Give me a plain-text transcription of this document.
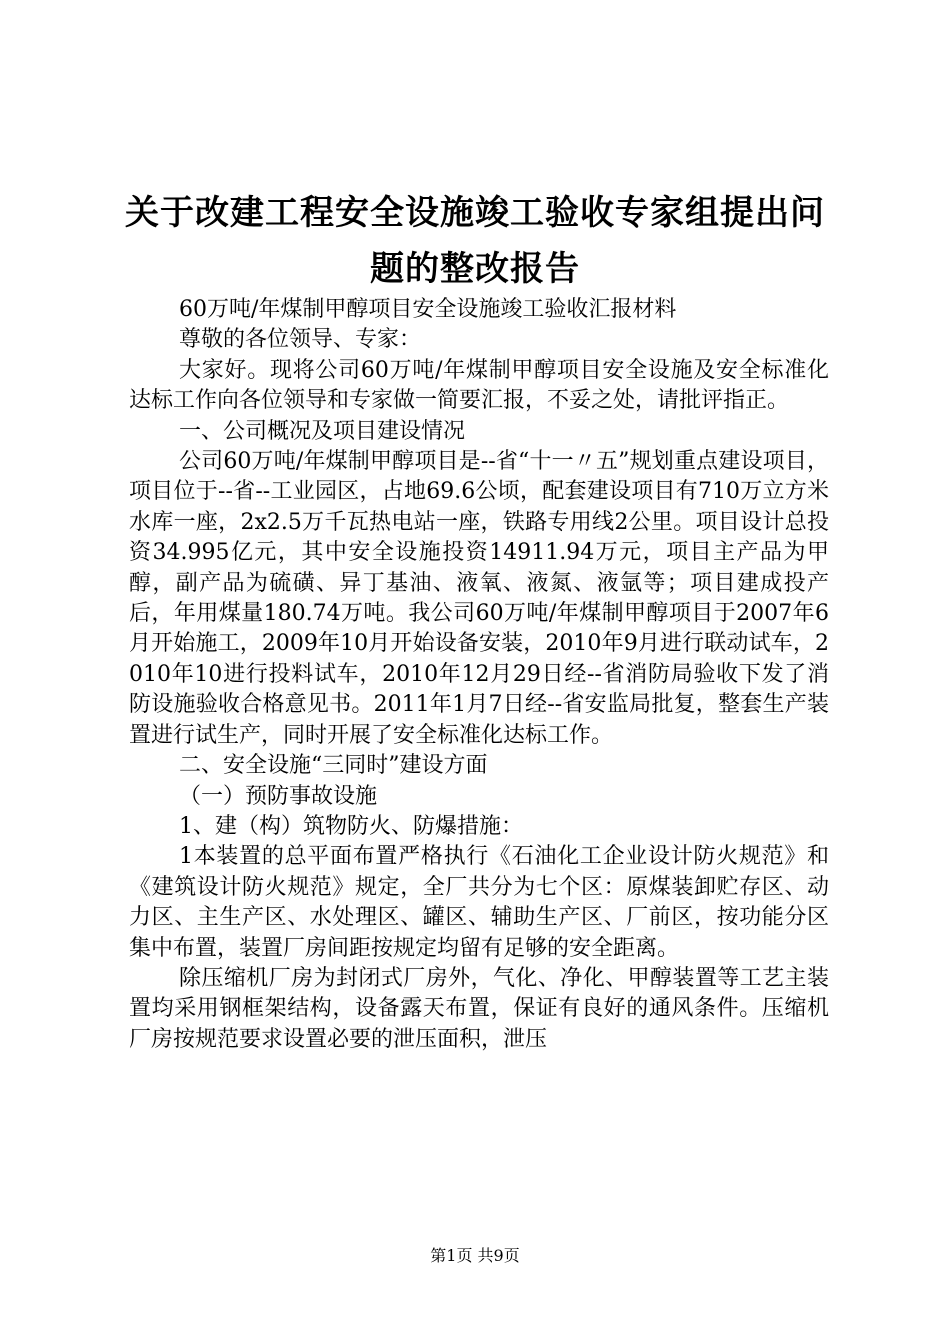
关于改建工程安全设施竣工验收专家组提出问
题的整改报告

60万吨/年煤制甲醇项目安全设施竣工验收汇报材料

尊敬的各位领导、专家：

大家好。现将公司60万吨/年煤制甲醇项目安全设施及安全标准化达标工作向各位领导和专家做一简要汇报，不妥之处，请批评指正。

一、公司概况及项目建设情况

公司60万吨/年煤制甲醇项目是--省“十一〃五”规划重点建设项目，项目位于--省--工业园区，占地69.6公顷，配套建设项目有710万立方米水库一座，2x2.5万千瓦热电站一座，铁路专用线2公里。项目设计总投资34.995亿元，其中安全设施投资14911.94万元，项目主产品为甲醇，副产品为硫磺、异丁基油、液氧、液氮、液氩等；项目建成投产后，年用煤量180.74万吨。我公司60万吨/年煤制甲醇项目于2007年6月开始施工，2009年10月开始设备安装，2010年9月进行联动试车，2010年10进行投料试车，2010年12月29日经--省消防局验收下发了消防设施验收合格意见书。2011年1月7日经--省安监局批复，整套生产装置进行试生产，同时开展了安全标准化达标工作。

二、安全设施“三同时”建设方面

（一）预防事故设施

1、建（构）筑物防火、防爆措施：

1本装置的总平面布置严格执行《石油化工企业设计防火规范》和《建筑设计防火规范》规定，全厂共分为七个区：原煤装卸贮存区、动力区、主生产区、水处理区、罐区、辅助生产区、厂前区，按功能分区集中布置，装置厂房间距按规定均留有足够的安全距离。

除压缩机厂房为封闭式厂房外，气化、净化、甲醇装置等工艺主装置均采用钢框架结构，设备露天布置，保证有良好的通风条件。压缩机厂房按规范要求设置必要的泄压面积，泄压

第1页 共9页
